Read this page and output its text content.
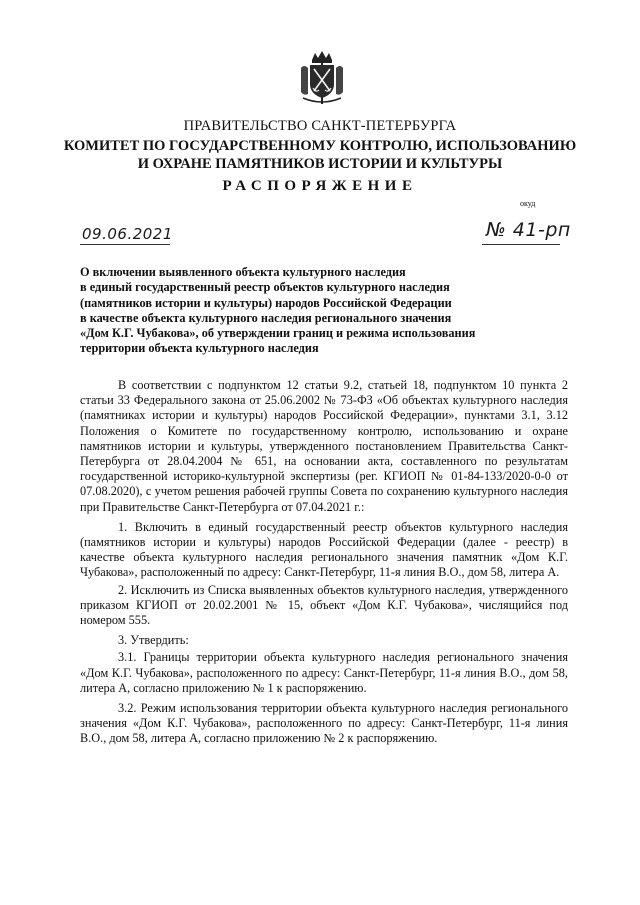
ПРАВИТЕЛЬСТВО САНКТ-ПЕТЕРБУРГА
КОМИТЕТ ПО ГОСУДАРСТВЕННОМУ КОНТРОЛЮ, ИСПОЛЬЗОВАНИЮ
И ОХРАНЕ ПАМЯТНИКОВ ИСТОРИИ И КУЛЬТУРЫ
РАСПОРЯЖЕНИЕ
окуд
09.06.2021	№ 41-рп
О включении выявленного объекта культурного наследия
в единый государственный реестр объектов культурного наследия
(памятников истории и культуры) народов Российской Федерации
в качестве объекта культурного наследия регионального значения
«Дом К.Г. Чубакова», об утверждении границ и режима использования
территории объекта культурного наследия

В соответствии с подпунктом 12 статьи 9.2, статьей 18, подпунктом 10 пункта 2 статьи 33 Федерального закона от 25.06.2002 № 73-ФЗ «Об объектах культурного наследия (памятниках истории и культуры) народов Российской Федерации», пунктами 3.1, 3.12 Положения о Комитете по государственному контролю, использованию и охране памятников истории и культуры, утвержденного постановлением Правительства Санкт-Петербурга от 28.04.2004 № 651, на основании акта, составленного по результатам государственной историко-культурной экспертизы (рег. КГИОП № 01-84-133/2020-0-0 от 07.08.2020), с учетом решения рабочей группы Совета по сохранению культурного наследия при Правительстве Санкт-Петербурга от 07.04.2021 г.:

1. Включить в единый государственный реестр объектов культурного наследия (памятников истории и культуры) народов Российской Федерации (далее - реестр) в качестве объекта культурного наследия регионального значения памятник «Дом К.Г. Чубакова», расположенный по адресу: Санкт-Петербург, 11-я линия В.О., дом 58, литера А.

2. Исключить из Списка выявленных объектов культурного наследия, утвержденного приказом КГИОП от 20.02.2001 № 15, объект «Дом К.Г. Чубакова», числящийся под номером 555.

3. Утвердить:

3.1. Границы территории объекта культурного наследия регионального значения «Дом К.Г. Чубакова», расположенного по адресу: Санкт-Петербург, 11-я линия В.О., дом 58, литера А, согласно приложению № 1 к распоряжению.

3.2. Режим использования территории объекта культурного наследия регионального значения «Дом К.Г. Чубакова», расположенного по адресу: Санкт-Петербург, 11-я линия В.О., дом 58, литера А, согласно приложению № 2 к распоряжению.
